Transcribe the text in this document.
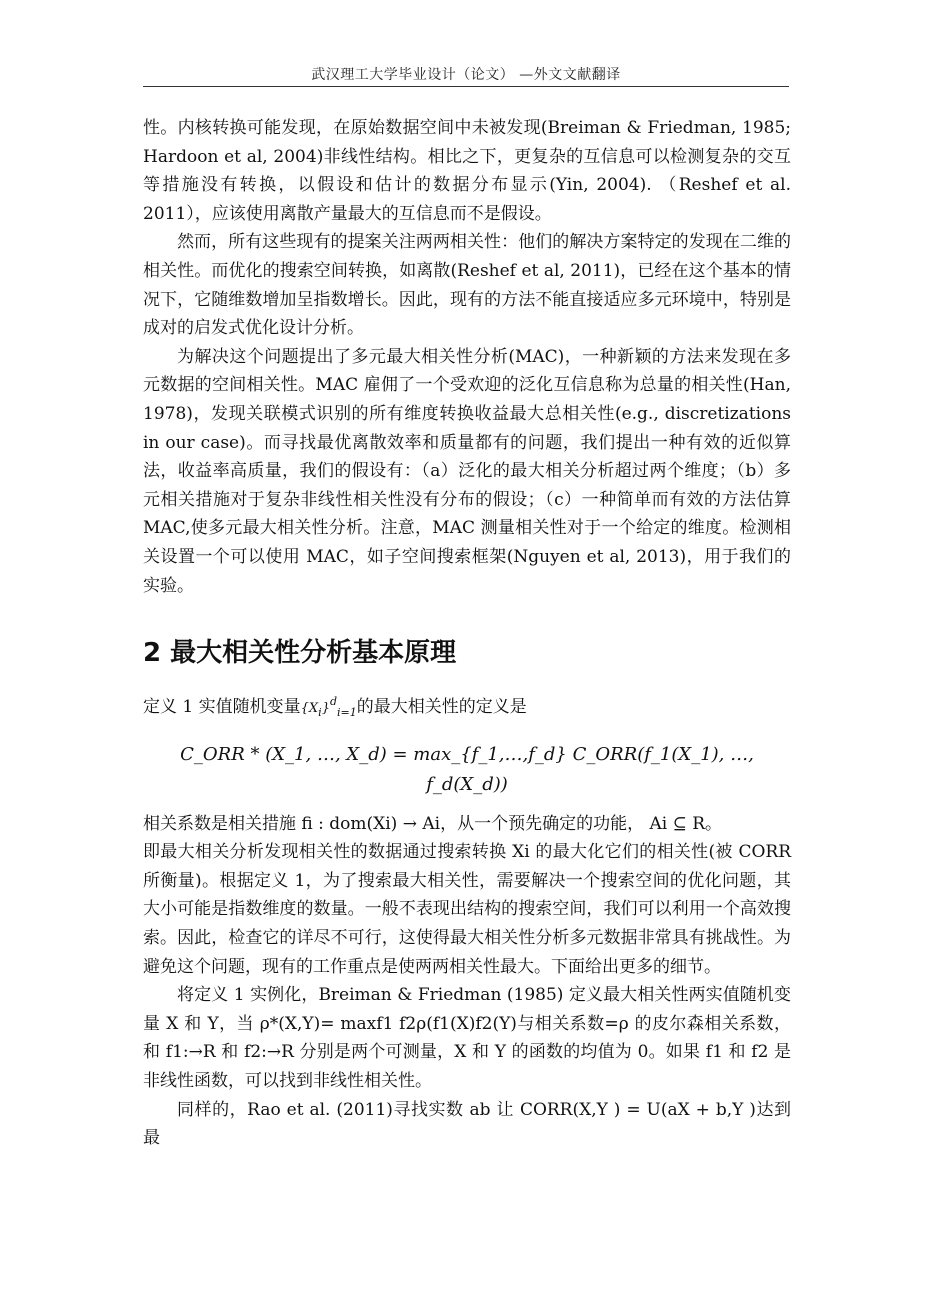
武汉理工大学毕业设计（论文） —外文文献翻译

性。内核转换可能发现，在原始数据空间中未被发现(Breiman & Friedman, 1985; Hardoon et al, 2004)非线性结构。相比之下，更复杂的互信息可以检测复杂的交互等措施没有转换，以假设和估计的数据分布显示(Yin, 2004). （Reshef et al. 2011），应该使用离散产量最大的互信息而不是假设。

然而，所有这些现有的提案关注两两相关性：他们的解决方案特定的发现在二维的相关性。而优化的搜索空间转换，如离散(Reshef et al, 2011)，已经在这个基本的情况下，它随维数增加呈指数增长。因此，现有的方法不能直接适应多元环境中，特别是成对的启发式优化设计分析。

为解决这个问题提出了多元最大相关性分析(MAC)，一种新颖的方法来发现在多元数据的空间相关性。MAC 雇佣了一个受欢迎的泛化互信息称为总量的相关性(Han, 1978)，发现关联模式识别的所有维度转换收益最大总相关性(e.g., discretizations in our case)。而寻找最优离散效率和质量都有的问题，我们提出一种有效的近似算法，收益率高质量，我们的假设有：（a）泛化的最大相关分析超过两个维度；（b）多元相关措施对于复杂非线性相关性没有分布的假设；（c）一种简单而有效的方法估算 MAC,使多元最大相关性分析。注意，MAC 测量相关性对于一个给定的维度。检测相关设置一个可以使用 MAC，如子空间搜索框架(Nguyen et al, 2013)，用于我们的实验。

2 最大相关性分析基本原理

定义 1 实值随机变量$\{X_i\}^d_{i=1}$的最大相关性的定义是

C_ORR * (X_1, …, X_d) = max_{f_1,…,f_d} C_ORR(f_1(X_1), …, f_d(X_d))

相关系数是相关措施 fi : dom(Xi) → Ai，从一个预先确定的功能， Ai ⊆ R。

即最大相关分析发现相关性的数据通过搜索转换 Xi 的最大化它们的相关性(被 CORR 所衡量)。根据定义 1，为了搜索最大相关性，需要解决一个搜索空间的优化问题，其大小可能是指数维度的数量。一般不表现出结构的搜索空间，我们可以利用一个高效搜索。因此，检查它的详尽不可行，这使得最大相关性分析多元数据非常具有挑战性。为避免这个问题，现有的工作重点是使两两相关性最大。下面给出更多的细节。

将定义 1 实例化，Breiman & Friedman (1985) 定义最大相关性两实值随机变量 X 和 Y，当 ρ*(X,Y)= maxf1 f2ρ(f1(X)f2(Y)与相关系数=ρ 的皮尔森相关系数，和 f1:→R 和 f2:→R 分别是两个可测量，X 和 Y 的函数的均值为 0。如果 f1 和 f2 是非线性函数，可以找到非线性相关性。

同样的，Rao et al. (2011)寻找实数 ab 让 CORR(X,Y ) = U(aX + b,Y )达到最
